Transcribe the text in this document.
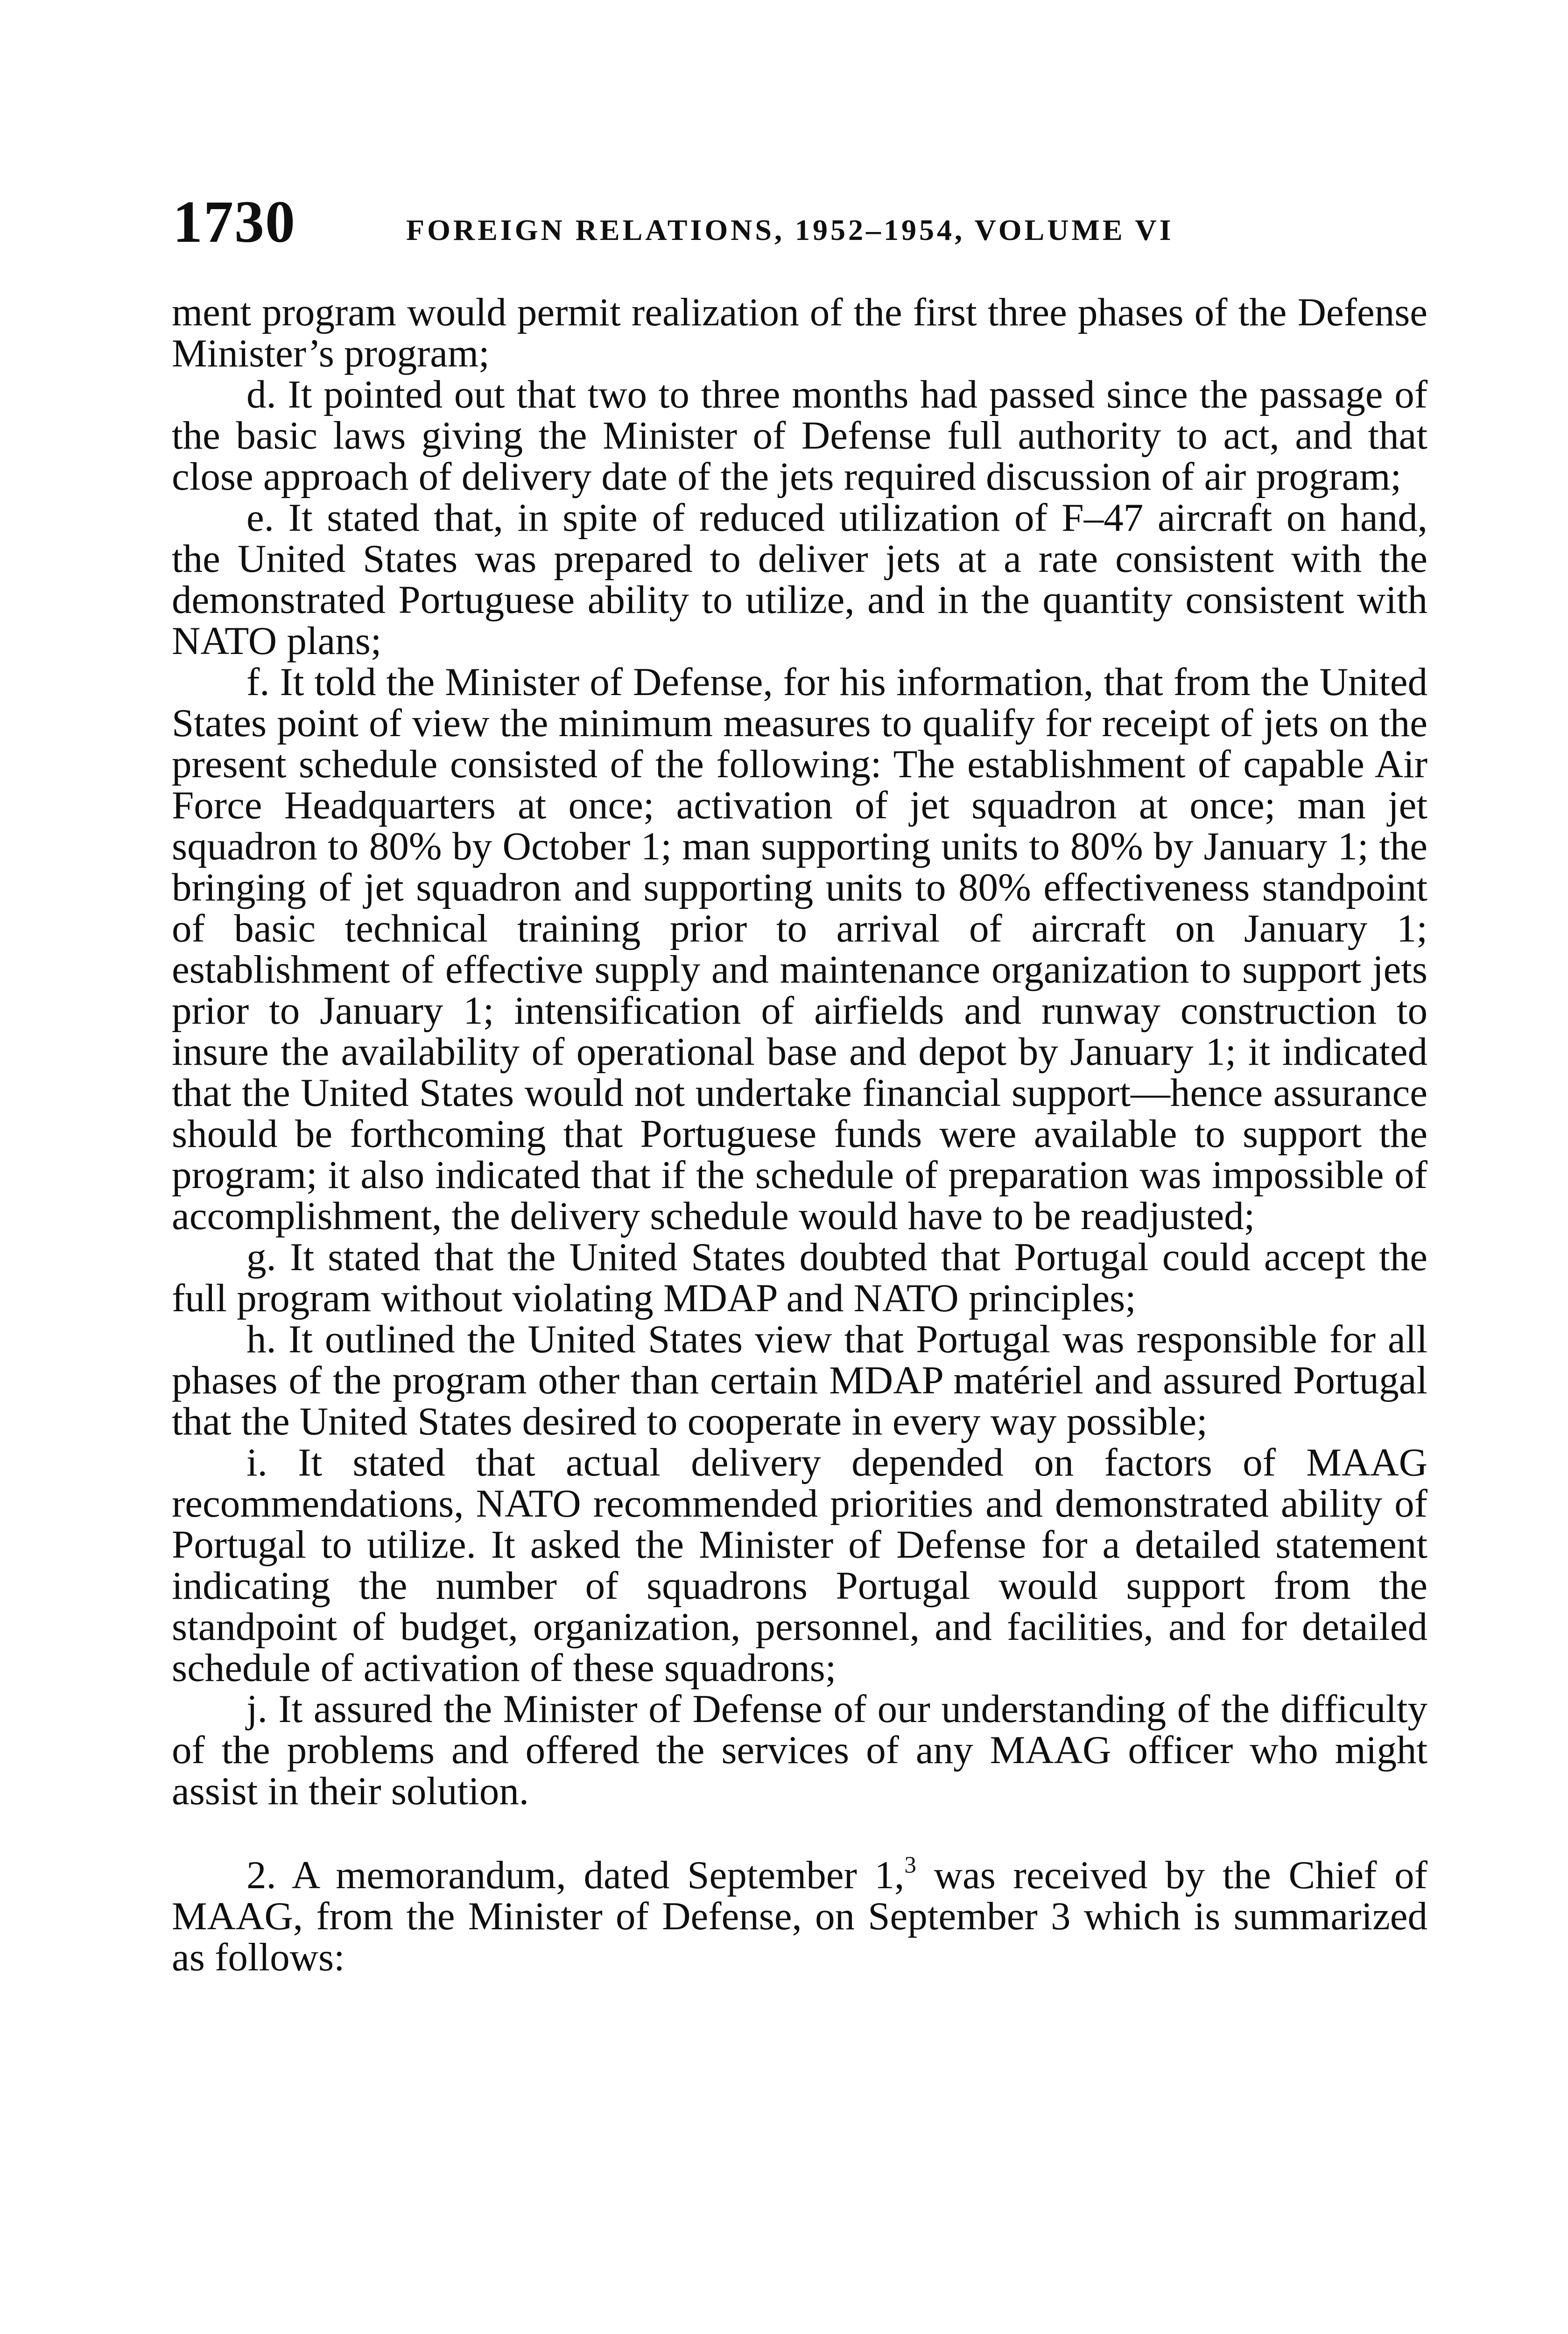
1730	FOREIGN RELATIONS, 1952–1954, VOLUME VI

ment program would permit realization of the first three phases of the Defense Minister’s program;

d. It pointed out that two to three months had passed since the passage of the basic laws giving the Minister of Defense full authority to act, and that close approach of delivery date of the jets required discussion of air program;

e. It stated that, in spite of reduced utilization of F–47 aircraft on hand, the United States was prepared to deliver jets at a rate consistent with the demonstrated Portuguese ability to utilize, and in the quantity consistent with NATO plans;

f. It told the Minister of Defense, for his information, that from the United States point of view the minimum measures to qualify for receipt of jets on the present schedule consisted of the following: The establishment of capable Air Force Headquarters at once; activation of jet squadron at once; man jet squadron to 80% by October 1; man supporting units to 80% by January 1; the bringing of jet squadron and supporting units to 80% effectiveness standpoint of basic technical training prior to arrival of aircraft on January 1; establishment of effective supply and maintenance organization to support jets prior to January 1; intensification of airfields and runway construction to insure the availability of operational base and depot by January 1; it indicated that the United States would not undertake financial support—hence assurance should be forthcoming that Portuguese funds were available to support the program; it also indicated that if the schedule of preparation was impossible of accomplishment, the delivery schedule would have to be readjusted;

g. It stated that the United States doubted that Portugal could accept the full program without violating MDAP and NATO principles;

h. It outlined the United States view that Portugal was responsible for all phases of the program other than certain MDAP matériel and assured Portugal that the United States desired to cooperate in every way possible;

i. It stated that actual delivery depended on factors of MAAG recommendations, NATO recommended priorities and demonstrated ability of Portugal to utilize. It asked the Minister of Defense for a detailed statement indicating the number of squadrons Portugal would support from the standpoint of budget, organization, personnel, and facilities, and for detailed schedule of activation of these squadrons;

j. It assured the Minister of Defense of our understanding of the difficulty of the problems and offered the services of any MAAG officer who might assist in their solution.

2. A memorandum, dated September 1,$^3$ was received by the Chief of MAAG, from the Minister of Defense, on September 3 which is summarized as follows:
